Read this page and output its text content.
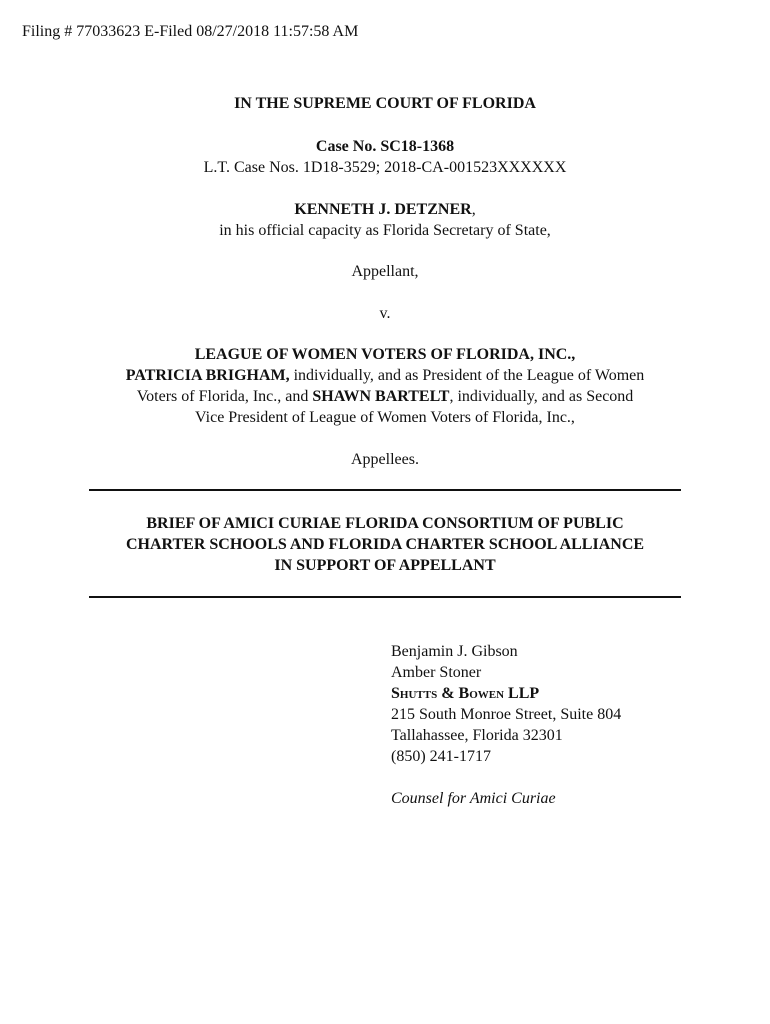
Filing # 77033623 E-Filed 08/27/2018 11:57:58 AM
IN THE SUPREME COURT OF FLORIDA
Case No. SC18-1368
L.T. Case Nos. 1D18-3529; 2018-CA-001523XXXXXX
KENNETH J. DETZNER,
in his official capacity as Florida Secretary of State,
Appellant,
v.
LEAGUE OF WOMEN VOTERS OF FLORIDA, INC.,
PATRICIA BRIGHAM, individually, and as President of the League of Women
Voters of Florida, Inc., and SHAWN BARTELT, individually, and as Second
Vice President of League of Women Voters of Florida, Inc.,
Appellees.
BRIEF OF AMICI CURIAE FLORIDA CONSORTIUM OF PUBLIC
CHARTER SCHOOLS AND FLORIDA CHARTER SCHOOL ALLIANCE
IN SUPPORT OF APPELLANT
Benjamin J. Gibson
Amber Stoner
Shutts & Bowen LLP
215 South Monroe Street, Suite 804
Tallahassee, Florida 32301
(850) 241-1717
Counsel for Amici Curiae
